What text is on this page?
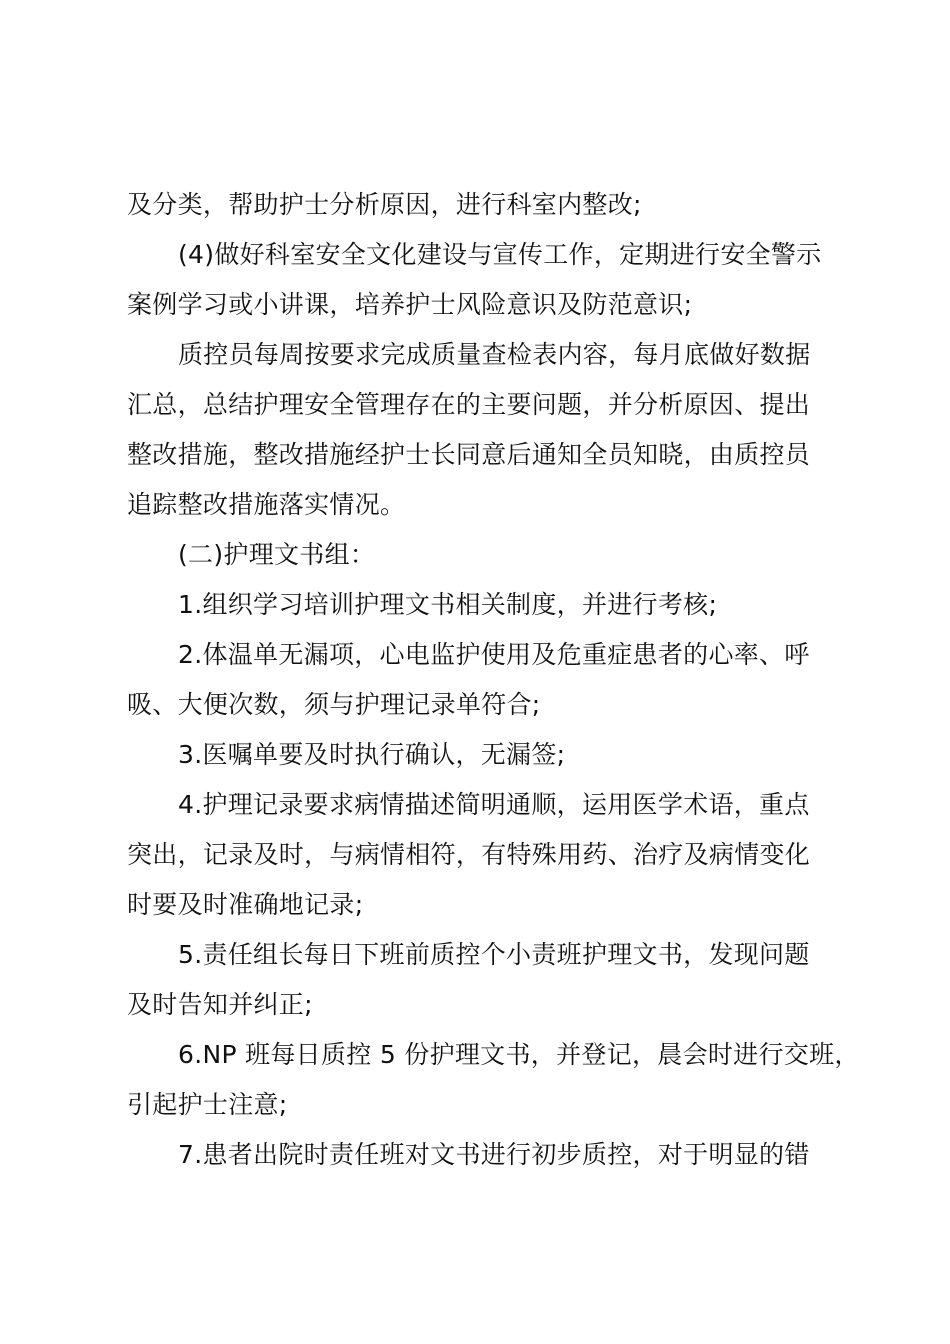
及分类，帮助护士分析原因，进行科室内整改;
(4)做好科室安全文化建设与宣传工作，定期进行安全警示
案例学习或小讲课，培养护士风险意识及防范意识;
质控员每周按要求完成质量查检表内容，每月底做好数据
汇总，总结护理安全管理存在的主要问题，并分析原因、提出
整改措施，整改措施经护士长同意后通知全员知晓，由质控员
追踪整改措施落实情况。
(二)护理文书组：
1.组织学习培训护理文书相关制度，并进行考核;
2.体温单无漏项，心电监护使用及危重症患者的心率、呼
吸、大便次数，须与护理记录单符合;
3.医嘱单要及时执行确认，无漏签;
4.护理记录要求病情描述简明通顺，运用医学术语，重点
突出，记录及时，与病情相符，有特殊用药、治疗及病情变化
时要及时准确地记录;
5.责任组长每日下班前质控个小责班护理文书，发现问题
及时告知并纠正;
6.NP 班每日质控 5 份护理文书，并登记，晨会时进行交班，
引起护士注意;
7.患者出院时责任班对文书进行初步质控，对于明显的错
